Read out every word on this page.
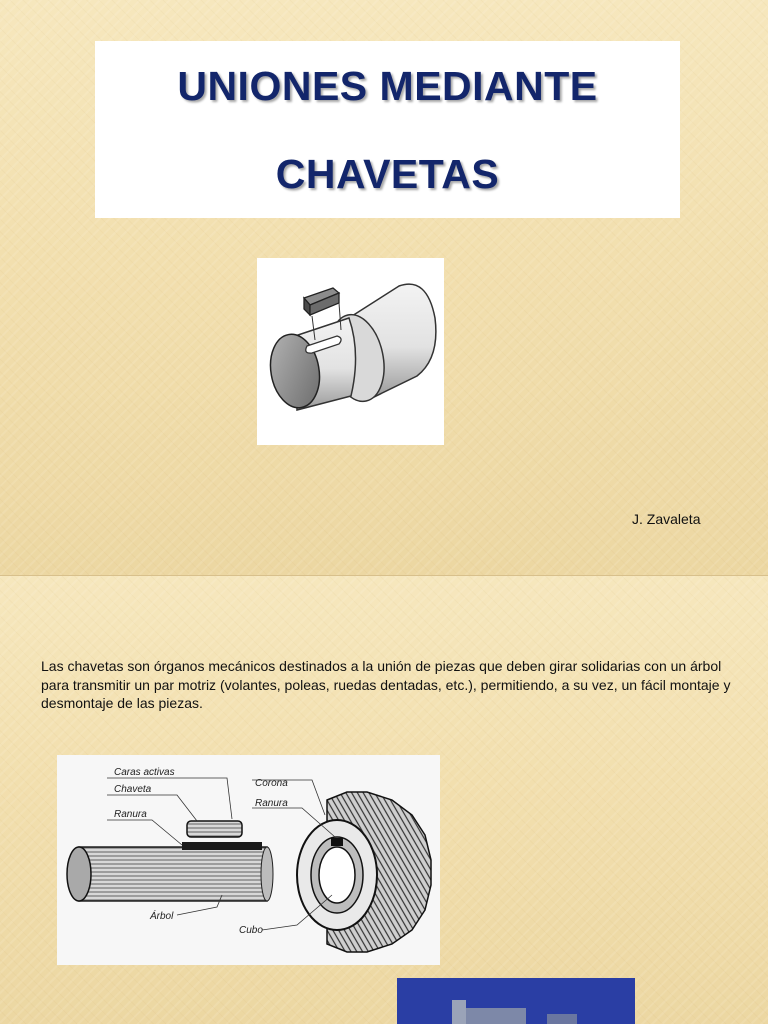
UNIONES MEDIANTE
CHAVETAS
J. Zavaleta
Las chavetas son órganos mecánicos destinados a la unión de piezas que deben girar solidarias con un árbol para transmitir un par motriz (volantes, poleas, ruedas dentadas, etc.), permitiendo, a su vez, un fácil montaje y desmontaje de las piezas.
Caras activas
Chaveta
Ranura
Árbol
Corona
Ranura
Cubo
